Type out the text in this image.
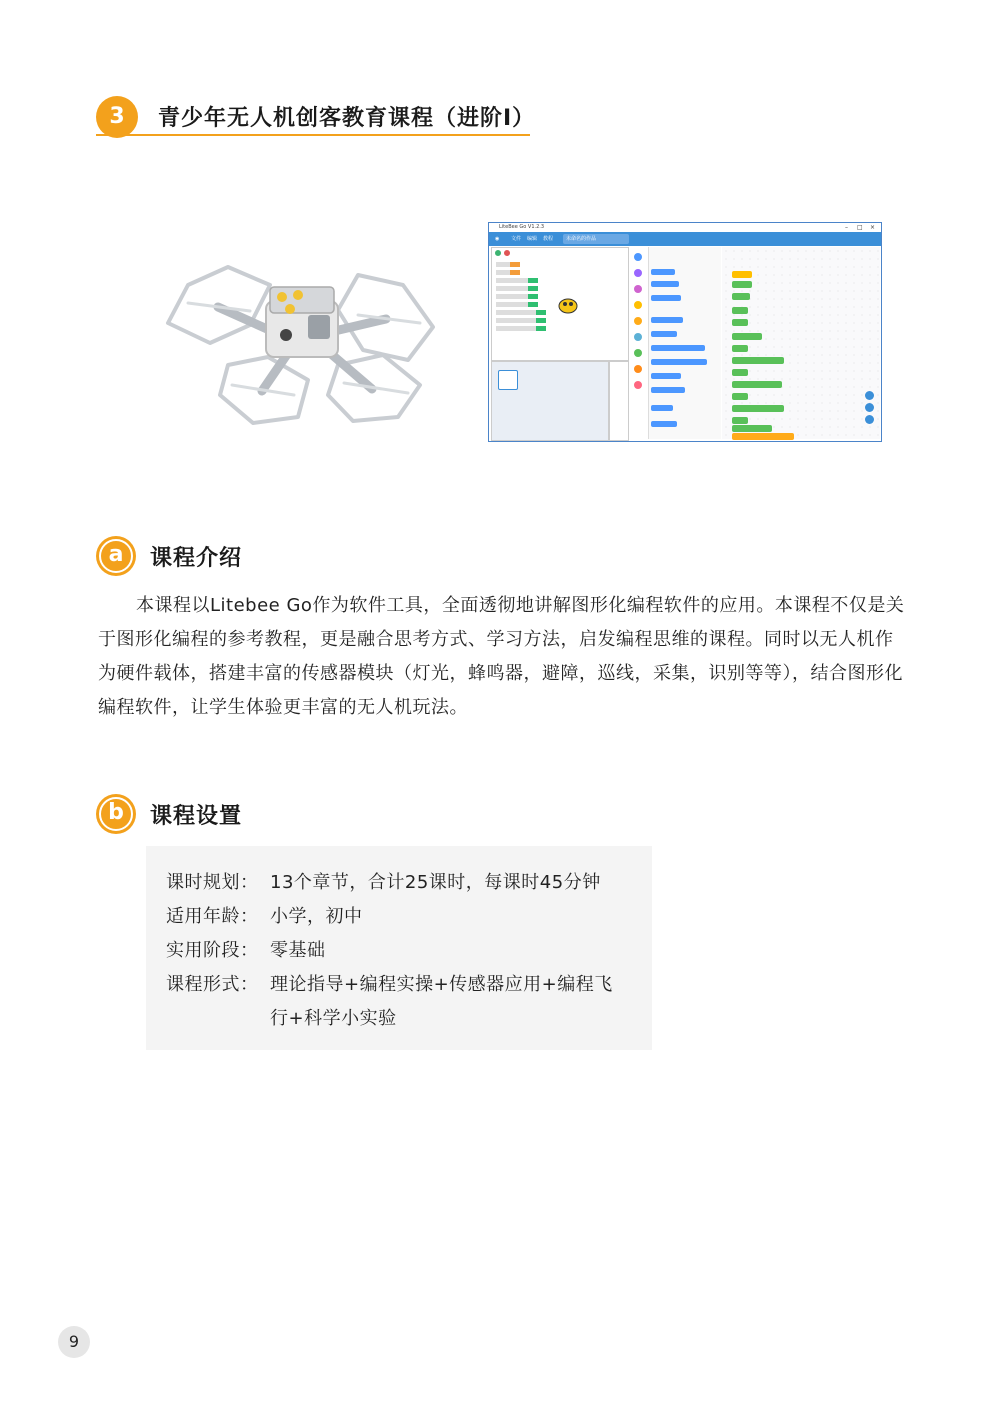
3	青少年无人机创客教育课程（进阶I）
LiteBee Go V1.2.3	– □ ×
◉ 文件 编辑 教程	未命名的作品
a	课程介绍
本课程以Litebee Go作为软件工具，全面透彻地讲解图形化编程软件的应用。本课程不仅是关于图形化编程的参考教程，更是融合思考方式、学习方法，启发编程思维的课程。同时以无人机作为硬件载体，搭建丰富的传感器模块（灯光，蜂鸣器，避障，巡线，采集，识别等等），结合图形化编程软件，让学生体验更丰富的无人机玩法。
b	课程设置
课时规划： 13个章节，合计25课时，每课时45分钟
适用年龄： 小学，初中
实用阶段： 零基础
课程形式： 理论指导+编程实操+传感器应用+编程飞
行+科学小实验
9
